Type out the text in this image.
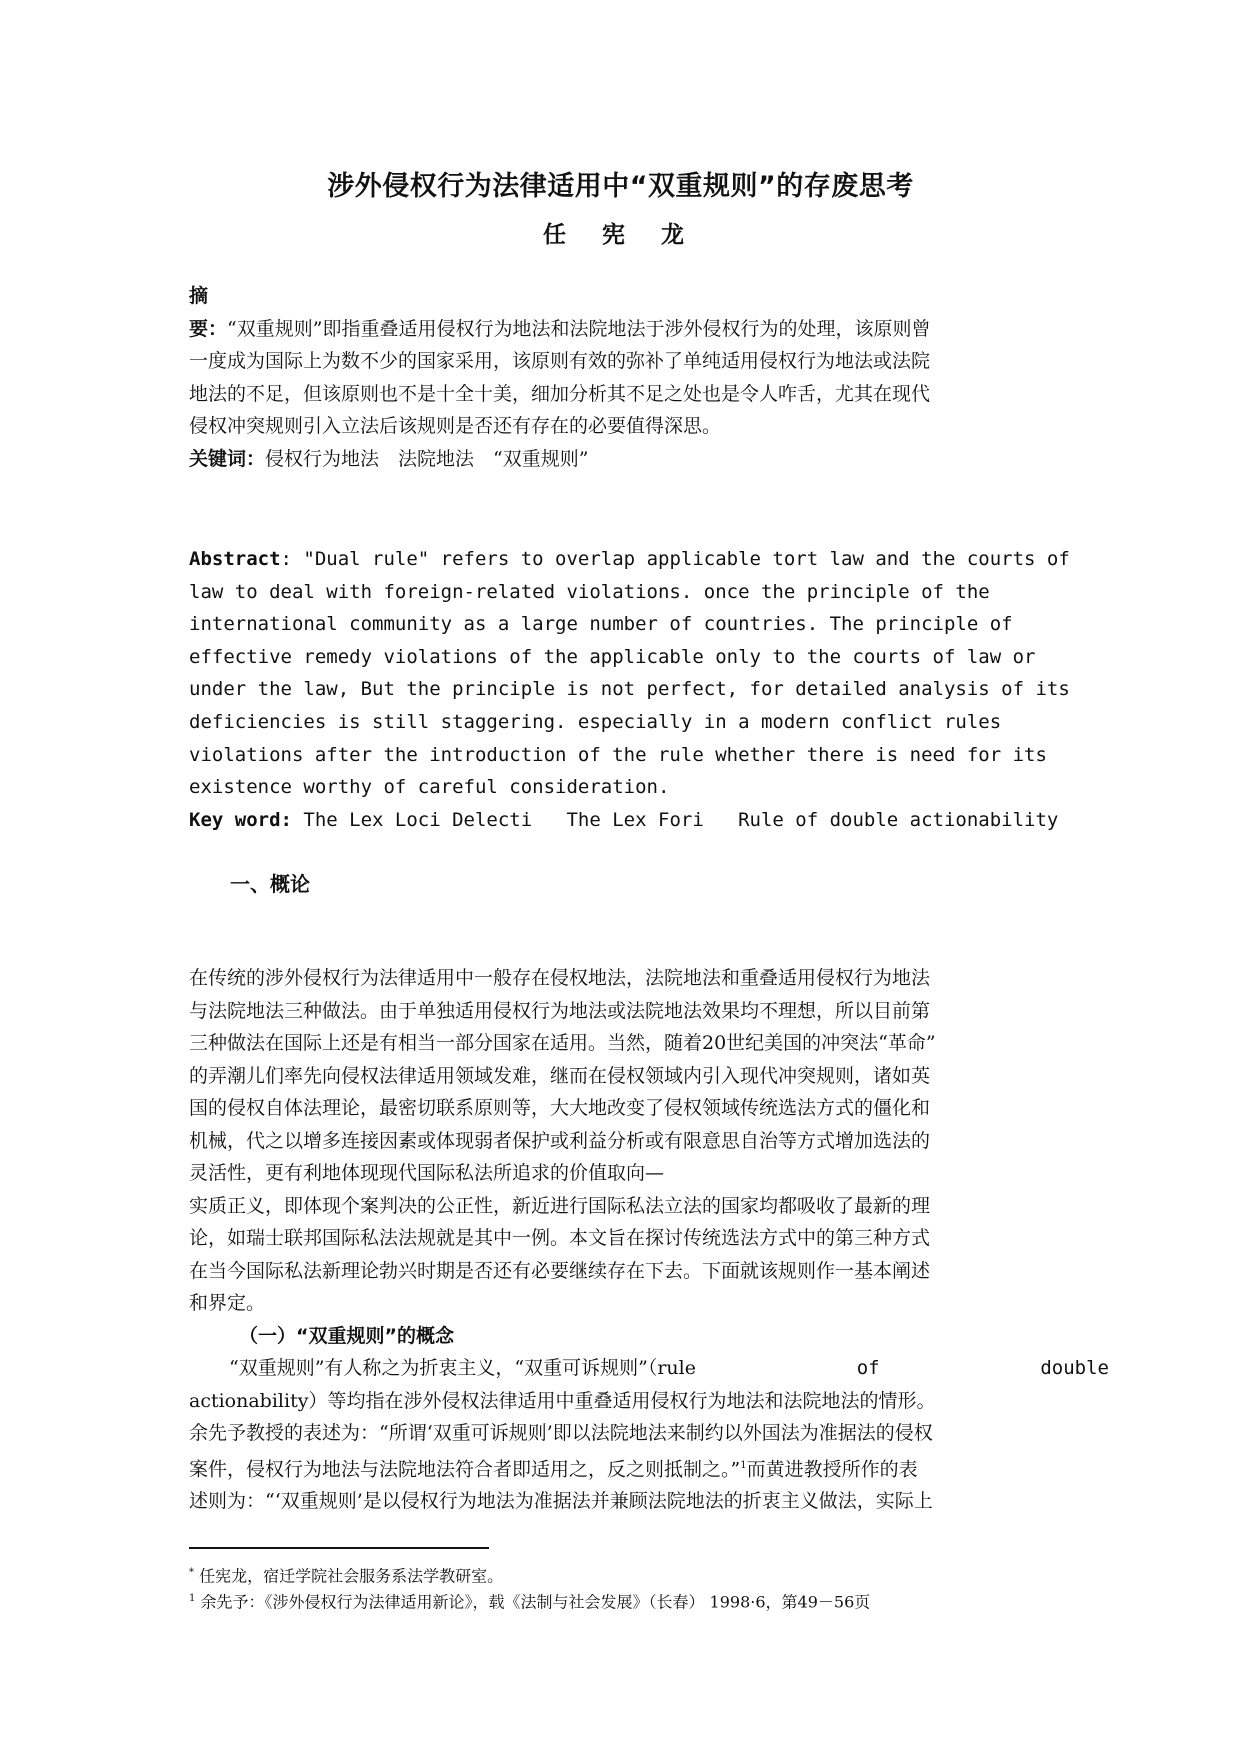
涉外侵权行为法律适用中“双重规则”的存废思考
任 宪 龙

摘

要：“双重规则”即指重叠适用侵权行为地法和法院地法于涉外侵权行为的处理，该原则曾

一度成为国际上为数不少的国家采用，该原则有效的弥补了单纯适用侵权行为地法或法院

地法的不足，但该原则也不是十全十美，细加分析其不足之处也是令人咋舌，尤其在现代

侵权冲突规则引入立法后该规则是否还有存在的必要值得深思。

关键词：侵权行为地法　法院地法　“双重规则”

Abstract: "Dual rule" refers to overlap applicable tort law and the courts of

law to deal with foreign-related violations. once the principle of the

international community as a large number of countries. The principle of

effective remedy violations of the applicable only to the courts of law or

under the law, But the principle is not perfect, for detailed analysis of its

deficiencies is still staggering. especially in a modern conflict rules

violations after the introduction of the rule whether there is need for its

existence worthy of careful consideration.

Key word: The Lex Loci Delecti   The Lex Fori   Rule of double actionability

一、概论

在传统的涉外侵权行为法律适用中一般存在侵权地法，法院地法和重叠适用侵权行为地法

与法院地法三种做法。由于单独适用侵权行为地法或法院地法效果均不理想，所以目前第

三种做法在国际上还是有相当一部分国家在适用。当然，随着20世纪美国的冲突法“革命”

的弄潮儿们率先向侵权法律适用领域发难，继而在侵权领域内引入现代冲突规则，诸如英

国的侵权自体法理论，最密切联系原则等，大大地改变了侵权领域传统选法方式的僵化和

机械，代之以增多连接因素或体现弱者保护或利益分析或有限意思自治等方式增加选法的

灵活性，更有利地体现现代国际私法所追求的价值取向—

实质正义，即体现个案判决的公正性，新近进行国际私法立法的国家均都吸收了最新的理

论，如瑞士联邦国际私法法规就是其中一例。本文旨在探讨传统选法方式中的第三种方式

在当今国际私法新理论勃兴时期是否还有必要继续存在下去。下面就该规则作一基本阐述

和界定。

（一）“双重规则”的概念

“双重规则”有人称之为折衷主义，“双重可诉规则”（rule	of	double

actionability）等均指在涉外侵权法律适用中重叠适用侵权行为地法和法院地法的情形。

余先予教授的表述为：“所谓‘双重可诉规则’即以法院地法来制约以外国法为准据法的侵权

案件，侵权行为地法与法院地法符合者即适用之，反之则抵制之。”$^1$而黄进教授所作的表

述则为：“‘双重规则’是以侵权行为地法为准据法并兼顾法院地法的折衷主义做法，实际上

* 任宪龙，宿迁学院社会服务系法学教研室。
$^1$ 余先予：《涉外侵权行为法律适用新论》，载《法制与社会发展》（长春） 1998·6，第49－56页
